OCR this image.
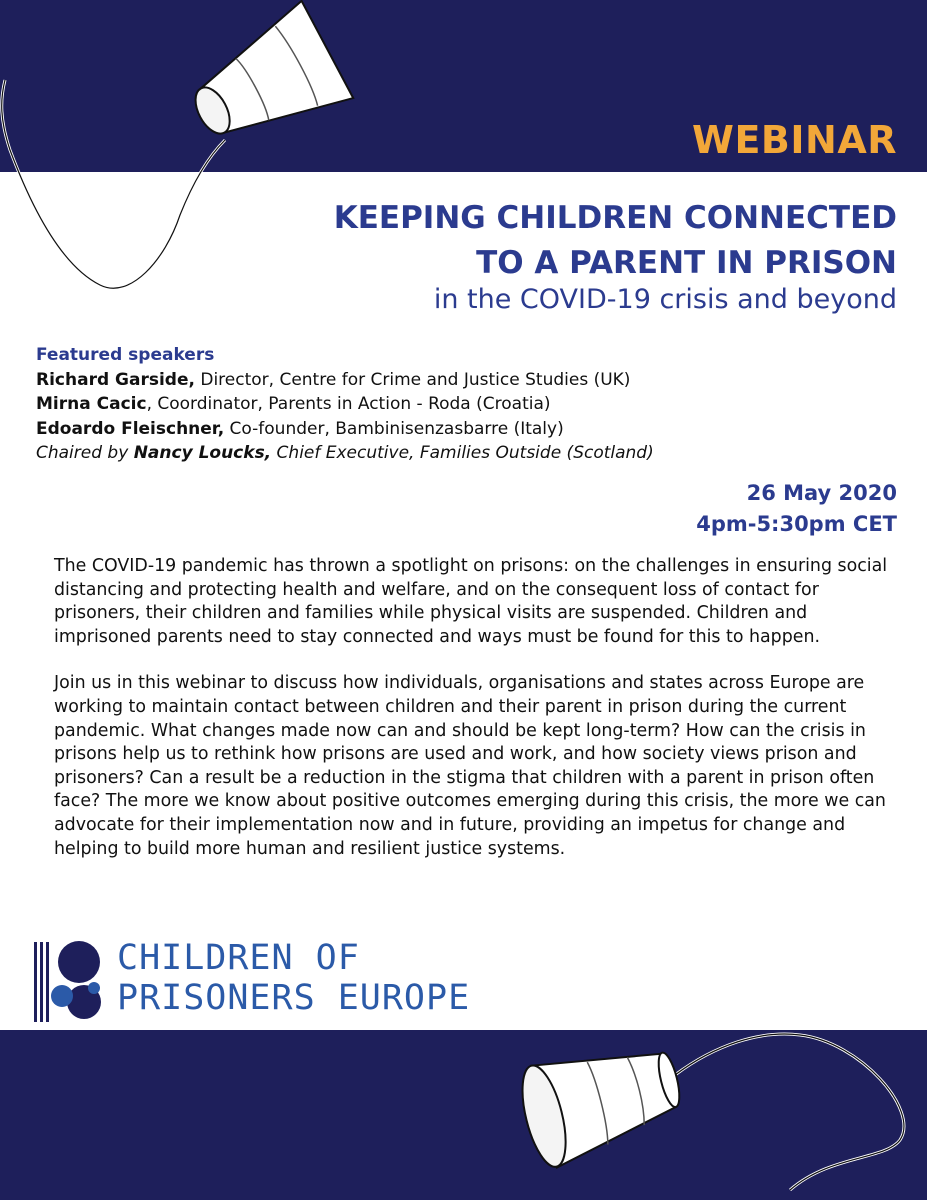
WEBINAR
KEEPING CHILDREN CONNECTED
TO A PARENT IN PRISON
in the COVID-19 crisis and beyond
Featured speakers
Richard Garside, Director, Centre for Crime and Justice Studies (UK)
Mirna Cacic, Coordinator, Parents in Action - Roda (Croatia)
Edoardo Fleischner, Co-founder, Bambinisenzasbarre (Italy)
Chaired by Nancy Loucks, Chief Executive, Families Outside (Scotland)
26 May 2020
4pm-5:30pm CET

The COVID-19 pandemic has thrown a spotlight on prisons: on the challenges in ensuring social distancing and protecting health and welfare, and on the consequent loss of contact for prisoners, their children and families while physical visits are suspended. Children and imprisoned parents need to stay connected and ways must be found for this to happen.

Join us in this webinar to discuss how individuals, organisations and states across Europe are working to maintain contact between children and their parent in prison during the current pandemic. What changes made now can and should be kept long-term? How can the crisis in prisons help us to rethink how prisons are used and work, and how society views prison and prisoners? Can a result be a reduction in the stigma that children with a parent in prison often face? The more we know about positive outcomes emerging during this crisis, the more we can advocate for their implementation now and in future, providing an impetus for change and helping to build more human and resilient justice systems.

CHILDREN OF
PRISONERS EUROPE
